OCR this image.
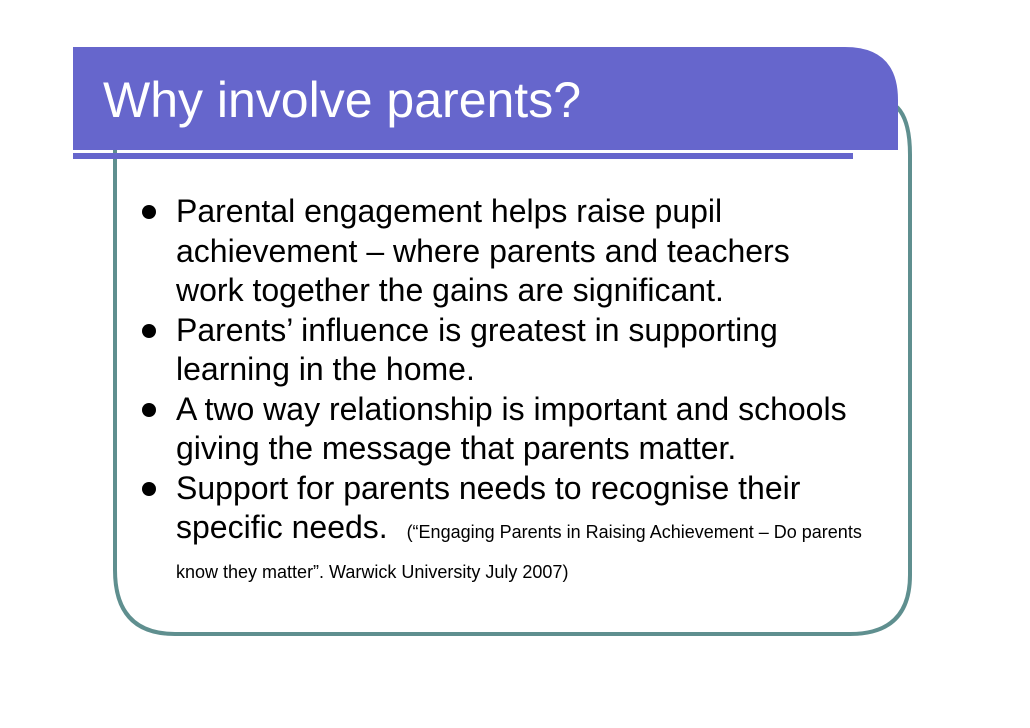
Why involve parents?
Parental engagement helps raise pupil achievement – where parents and teachers work together the gains are significant.
Parents’ influence is greatest in supporting learning in the home.
A two way relationship is important and schools giving the message that parents matter.
Support for parents needs to recognise their specific needs.   (“Engaging Parents in Raising Achievement – Do parents know they matter”. Warwick University July 2007)
